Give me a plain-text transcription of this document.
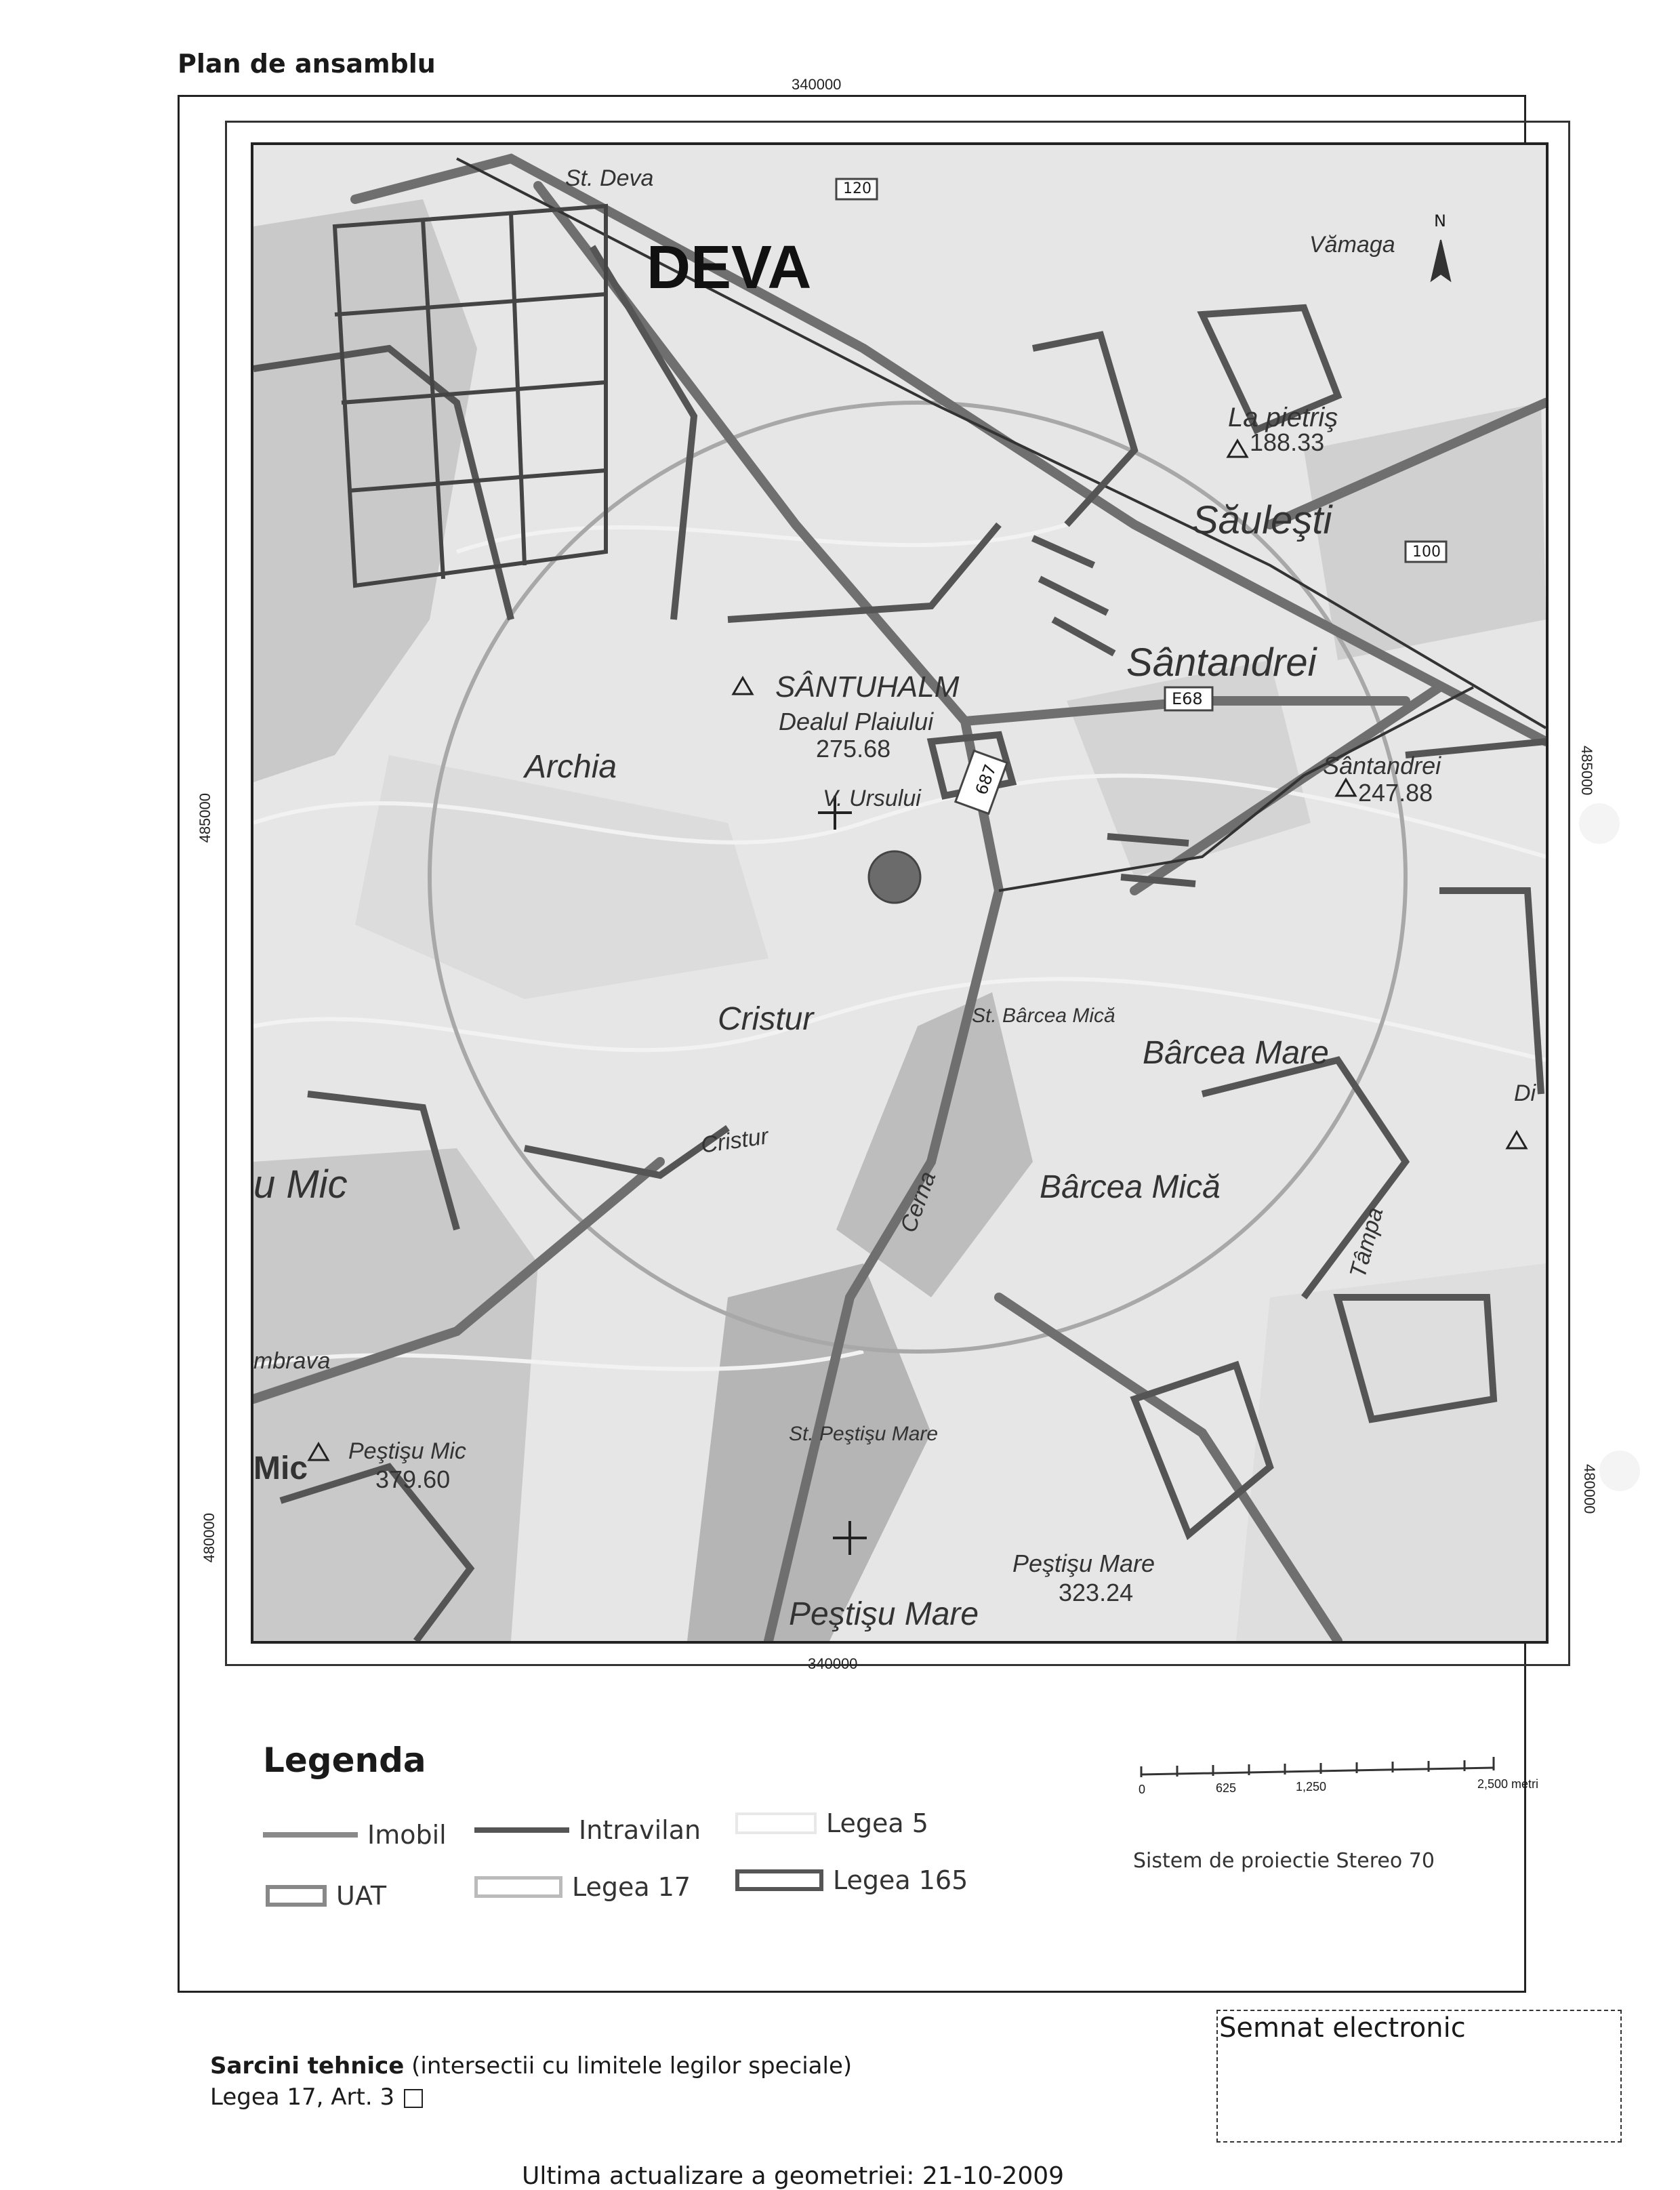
Plan de ansamblu
340000
340000
485000
480000
485000
480000
DEVA
St. Deva
Vămaga
La pietriş
188.33
Săuleşti
Sântandrei
SÂNTUHALM
Dealul Plaiului
275.68
Archia
V. Ursului
Sântandrei
247.88
Cristur
Cristur
St. Bârcea Mică
Bârcea Mare
Bârcea Mică
Cerna
Tâmpa
u Mic
mbrava
Peştişu Mic
379.60
Mic
St. Peştişu Mare
Peştişu Mare
323.24
Peştişu Mare
Di
120
687
E68
100
N
Legenda
Imobil	Intravilan	Legea 5
UAT	Legea 17	Legea 165
0	625	1,250	2,500 metri
Sistem de proiectie Stereo 70
Sarcini tehnice (intersectii cu limitele legilor speciale)
Legea 17, Art. 3
Semnat electronic
Ultima actualizare a geometriei: 21-10-2009
